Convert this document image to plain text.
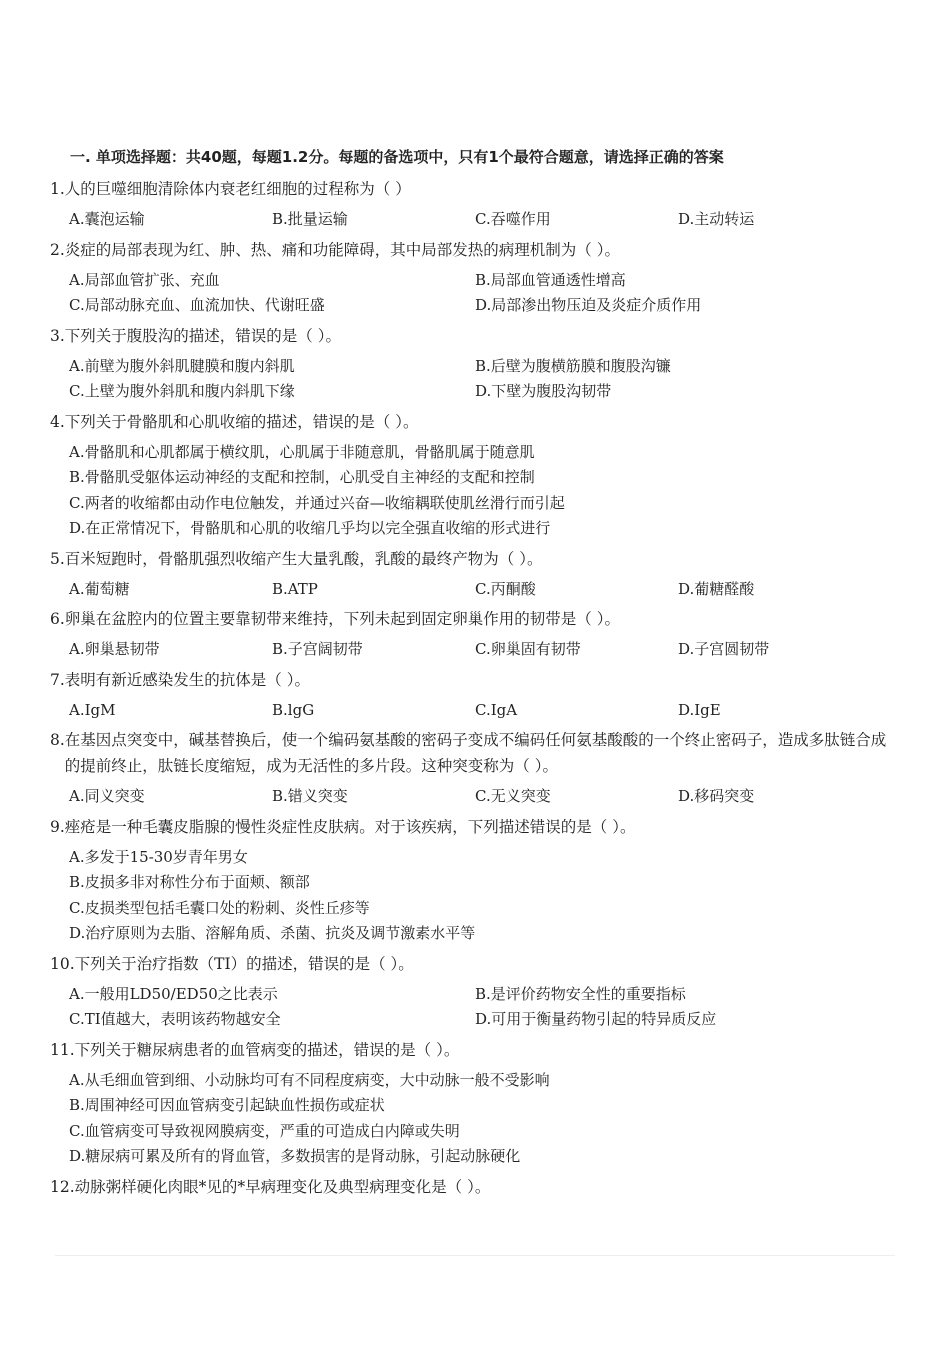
一. 单项选择题：共40题，每题1.2分。每题的备选项中，只有1个最符合题意，请选择正确的答案
1. 人的巨噬细胞清除体内衰老红细胞的过程称为（ ）
A.囊泡运输	B.批量运输	C.吞噬作用	D.主动转运
2. 炎症的局部表现为红、肿、热、痛和功能障碍，其中局部发热的病理机制为（ ）。
A.局部血管扩张、充血	B.局部血管通透性增高
C.局部动脉充血、血流加快、代谢旺盛	D.局部渗出物压迫及炎症介质作用
3. 下列关于腹股沟的描述，错误的是（ ）。
A.前壁为腹外斜肌腱膜和腹内斜肌	B.后壁为腹横筋膜和腹股沟镰
C.上壁为腹外斜肌和腹内斜肌下缘	D.下壁为腹股沟韧带
4. 下列关于骨骼肌和心肌收缩的描述，错误的是（ ）。
A.骨骼肌和心肌都属于横纹肌，心肌属于非随意肌，骨骼肌属于随意肌
B.骨骼肌受躯体运动神经的支配和控制，心肌受自主神经的支配和控制
C.两者的收缩都由动作电位触发，并通过兴奋—收缩耦联使肌丝滑行而引起
D.在正常情况下，骨骼肌和心肌的收缩几乎均以完全强直收缩的形式进行
5. 百米短跑时，骨骼肌强烈收缩产生大量乳酸，乳酸的最终产物为（ ）。
A.葡萄糖	B.ATP	C.丙酮酸	D.葡糖醛酸
6. 卵巢在盆腔内的位置主要靠韧带来维持，下列未起到固定卵巢作用的韧带是（ ）。
A.卵巢悬韧带	B.子宫阔韧带	C.卵巢固有韧带	D.子宫圆韧带
7. 表明有新近感染发生的抗体是（ ）。
A.IgM	B.lgG	C.IgA	D.IgE
8. 在基因点突变中，碱基替换后，使一个编码氨基酸的密码子变成不编码任何氨基酸酸的一个终止密码子，造成多肽链合成的提前终止，肽链长度缩短，成为无活性的多片段。这种突变称为（ ）。
A.同义突变	B.错义突变	C.无义突变	D.移码突变
9. 痤疮是一种毛囊皮脂腺的慢性炎症性皮肤病。对于该疾病，下列描述错误的是（ ）。
A.多发于15-30岁青年男女
B.皮损多非对称性分布于面颊、额部
C.皮损类型包括毛囊口处的粉刺、炎性丘疹等
D.治疗原则为去脂、溶解角质、杀菌、抗炎及调节激素水平等
10. 下列关于治疗指数（TI）的描述，错误的是（ ）。
A.一般用LD50/ED50之比表示	B.是评价药物安全性的重要指标
C.TI值越大，表明该药物越安全	D.可用于衡量药物引起的特异质反应
11. 下列关于糖尿病患者的血管病变的描述，错误的是（ ）。
A.从毛细血管到细、小动脉均可有不同程度病变，大中动脉一般不受影响
B.周围神经可因血管病变引起缺血性损伤或症状
C.血管病变可导致视网膜病变，严重的可造成白内障或失明
D.糖尿病可累及所有的肾血管，多数损害的是肾动脉，引起动脉硬化
12. 动脉粥样硬化肉眼*见的*早病理变化及典型病理变化是（ ）。
